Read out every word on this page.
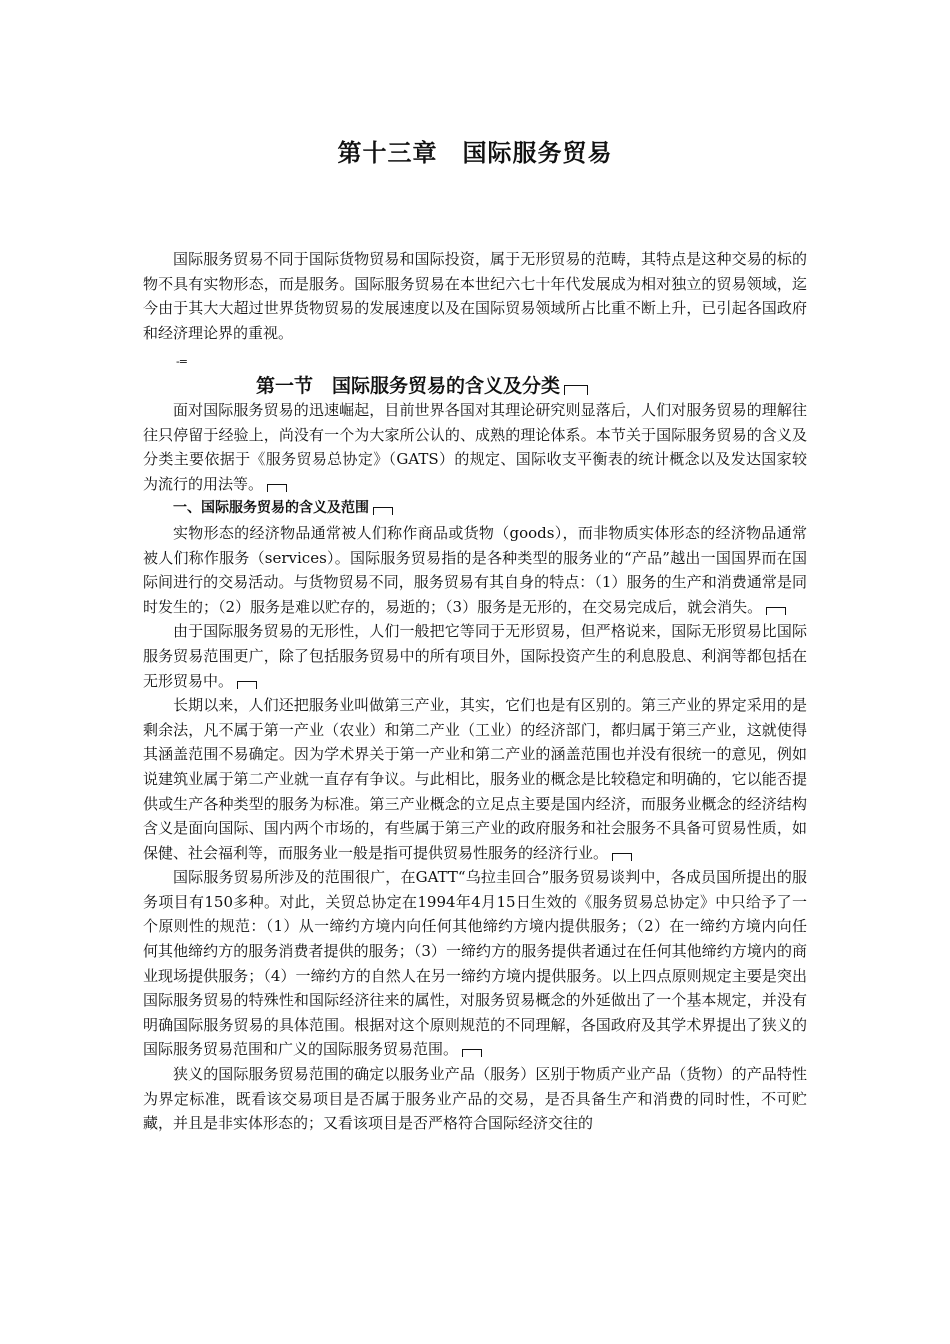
第十三章　国际服务贸易

国际服务贸易不同于国际货物贸易和国际投资，属于无形贸易的范畴，其特点是这种交易的标的物不具有实物形态，而是服务。国际服务贸易在本世纪六七十年代发展成为相对独立的贸易领域，迄今由于其大大超过世界货物贸易的发展速度以及在国际贸易领域所占比重不断上升，已引起各国政府和经济理论界的重视。

-=
第一节　国际服务贸易的含义及分类

面对国际服务贸易的迅速崛起，目前世界各国对其理论研究则显落后，人们对服务贸易的理解往往只停留于经验上，尚没有一个为大家所公认的、成熟的理论体系。本节关于国际服务贸易的含义及分类主要依据于《服务贸易总协定》（GATS）的规定、国际收支平衡表的统计概念以及发达国家较为流行的用法等。

一、国际服务贸易的含义及范围

实物形态的经济物品通常被人们称作商品或货物（goods），而非物质实体形态的经济物品通常被人们称作服务（services）。国际服务贸易指的是各种类型的服务业的“产品”越出一国国界而在国际间进行的交易活动。与货物贸易不同，服务贸易有其自身的特点：（1）服务的生产和消费通常是同时发生的；（2）服务是难以贮存的，易逝的；（3）服务是无形的，在交易完成后，就会消失。

由于国际服务贸易的无形性，人们一般把它等同于无形贸易，但严格说来，国际无形贸易比国际服务贸易范围更广，除了包括服务贸易中的所有项目外，国际投资产生的利息股息、利润等都包括在无形贸易中。

长期以来，人们还把服务业叫做第三产业，其实，它们也是有区别的。第三产业的界定采用的是剩余法，凡不属于第一产业（农业）和第二产业（工业）的经济部门，都归属于第三产业，这就使得其涵盖范围不易确定。因为学术界关于第一产业和第二产业的涵盖范围也并没有很统一的意见，例如说建筑业属于第二产业就一直存有争议。与此相比，服务业的概念是比较稳定和明确的，它以能否提供或生产各种类型的服务为标准。第三产业概念的立足点主要是国内经济，而服务业概念的经济结构含义是面向国际、国内两个市场的，有些属于第三产业的政府服务和社会服务不具备可贸易性质，如保健、社会福利等，而服务业一般是指可提供贸易性服务的经济行业。

国际服务贸易所涉及的范围很广，在GATT“乌拉圭回合”服务贸易谈判中，各成员国所提出的服务项目有150多种。对此，关贸总协定在1994年4月15日生效的《服务贸易总协定》中只给予了一个原则性的规范：（1）从一缔约方境内向任何其他缔约方境内提供服务；（2）在一缔约方境内向任何其他缔约方的服务消费者提供的服务；（3）一缔约方的服务提供者通过在任何其他缔约方境内的商业现场提供服务；（4）一缔约方的自然人在另一缔约方境内提供服务。以上四点原则规定主要是突出国际服务贸易的特殊性和国际经济往来的属性，对服务贸易概念的外延做出了一个基本规定，并没有明确国际服务贸易的具体范围。根据对这个原则规范的不同理解，各国政府及其学术界提出了狭义的国际服务贸易范围和广义的国际服务贸易范围。

狭义的国际服务贸易范围的确定以服务业产品（服务）区别于物质产业产品（货物）的产品特性为界定标准，既看该交易项目是否属于服务业产品的交易，是否具备生产和消费的同时性，不可贮藏，并且是非实体形态的；又看该项目是否严格符合国际经济交往的
